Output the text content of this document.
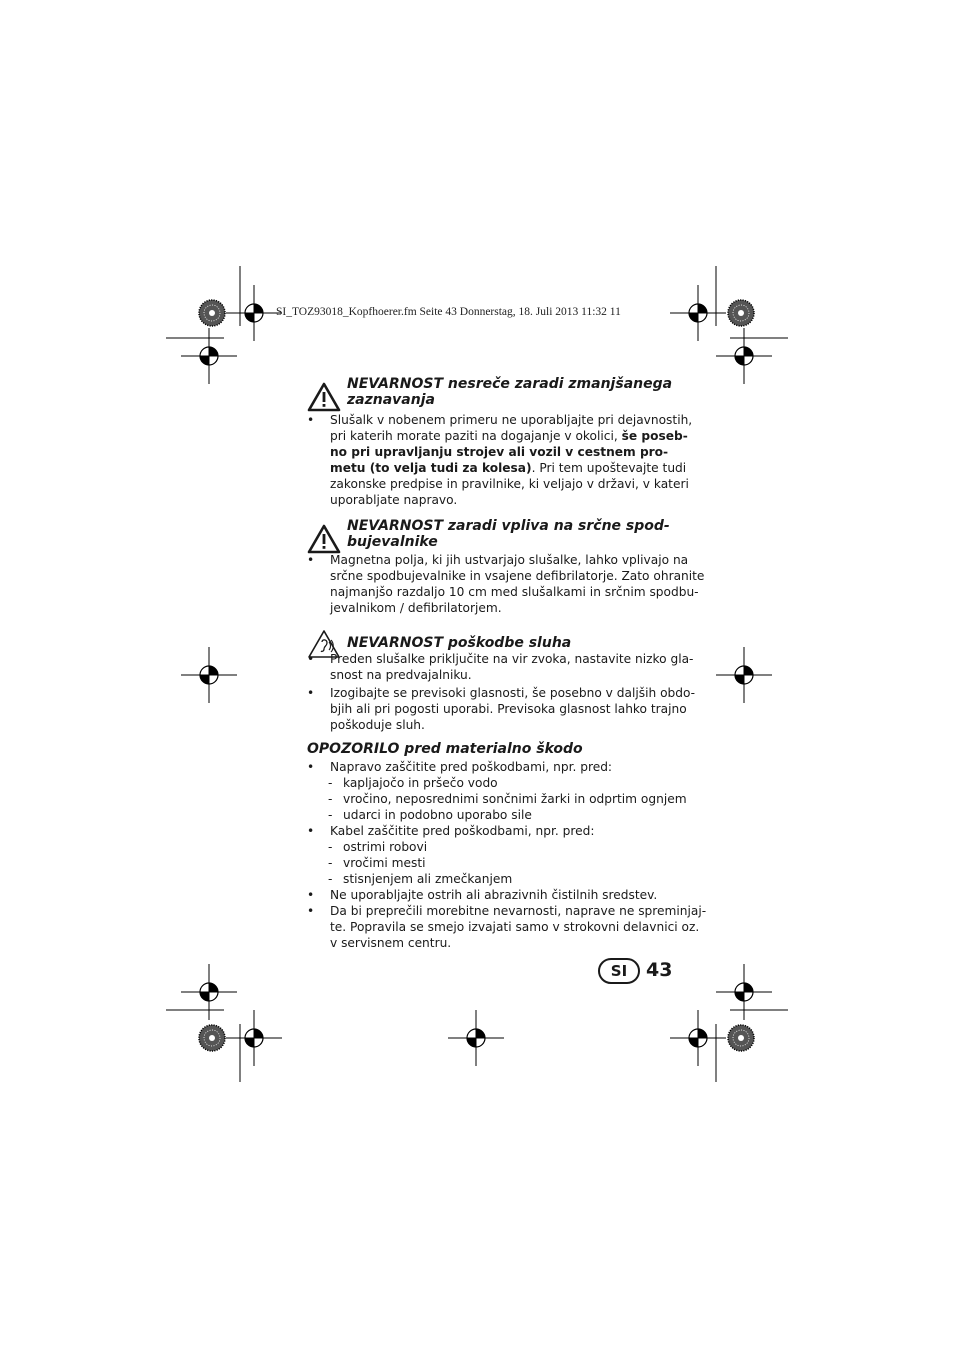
SI_TOZ93018_Kopfhoerer.fm Seite 43 Donnerstag, 18. Juli 2013 11:32 11
NEVARNOST nesreče zaradi zmanjšanega
zaznavanja
• Slušalk v nobenem primeru ne uporabljajte pri dejavnostih,
pri katerih morate paziti na dogajanje v okolici, še poseb-
no pri upravljanju strojev ali vozil v cestnem pro-
metu (to velja tudi za kolesa). Pri tem upoštevajte tudi
zakonske predpise in pravilnike, ki veljajo v državi, v kateri
uporabljate napravo.
NEVARNOST zaradi vpliva na srčne spod-
bujevalnike
• Magnetna polja, ki jih ustvarjajo slušalke, lahko vplivajo na
srčne spodbujevalnike in vsajene defibrilatorje. Zato ohranite
najmanjšo razdaljo 10 cm med slušalkami in srčnim spodbu-
jevalnikom / defibrilatorjem.
NEVARNOST poškodbe sluha
• Preden slušalke priključite na vir zvoka, nastavite nizko gla-
snost na predvajalniku.
• Izogibajte se previsoki glasnosti, še posebno v daljših obdo-
bjih ali pri pogosti uporabi. Previsoka glasnost lahko trajno
poškoduje sluh.
OPOZORILO pred materialno škodo
• Napravo zaščitite pred poškodbami, npr. pred:
- kapljajočo in pršečo vodo
- vročino, neposrednimi sončnimi žarki in odprtim ognjem
- udarci in podobno uporabo sile
• Kabel zaščitite pred poškodbami, npr. pred:
- ostrimi robovi
- vročimi mesti
- stisnjenjem ali zmečkanjem
• Ne uporabljajte ostrih ali abrazivnih čistilnih sredstev.
• Da bi preprečili morebitne nevarnosti, naprave ne spreminjaj-
te. Popravila se smejo izvajati samo v strokovni delavnici oz.
v servisnem centru.
SI 43
